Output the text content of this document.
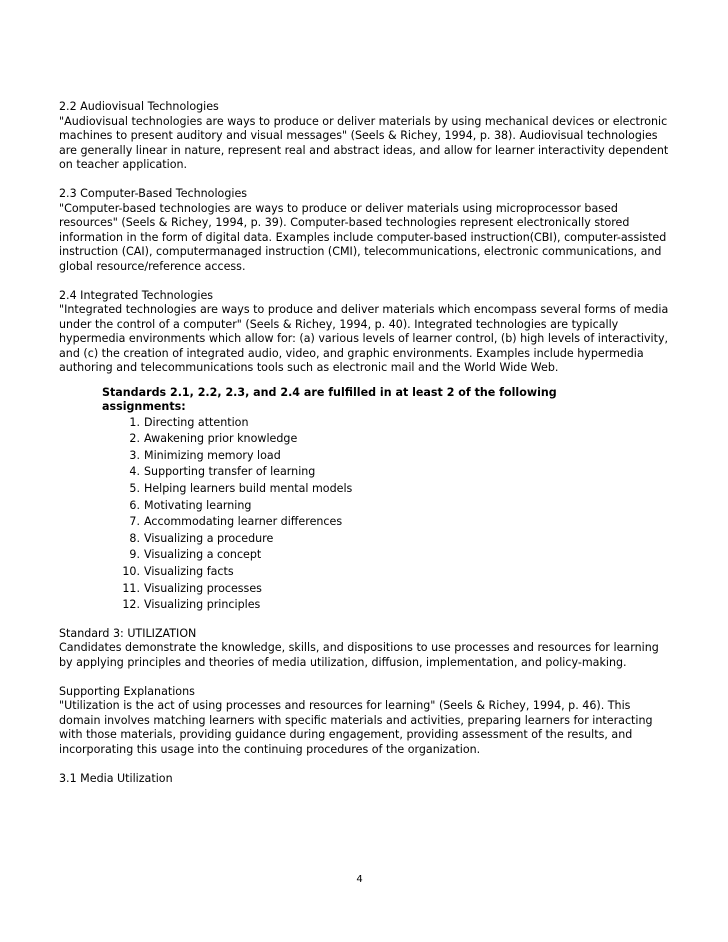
2.2 Audiovisual Technologies

"Audiovisual technologies are ways to produce or deliver materials by using mechanical devices or electronic machines to present auditory and visual messages" (Seels & Richey, 1994, p. 38). Audiovisual technologies are generally linear in nature, represent real and abstract ideas, and allow for learner interactivity dependent on teacher application.

2.3 Computer-Based Technologies

"Computer-based technologies are ways to produce or deliver materials using microprocessor based resources" (Seels & Richey, 1994, p. 39). Computer-based technologies represent electronically stored information in the form of digital data. Examples include computer-based instruction(CBI), computer-assisted instruction (CAI), computermanaged instruction (CMI), telecommunications, electronic communications, and global resource/reference access.

2.4 Integrated Technologies

"Integrated technologies are ways to produce and deliver materials which encompass several forms of media under the control of a computer" (Seels & Richey, 1994, p. 40). Integrated technologies are typically hypermedia environments which allow for: (a) various levels of learner control, (b) high levels of interactivity, and (c) the creation of integrated audio, video, and graphic environments. Examples include hypermedia authoring and telecommunications tools such as electronic mail and the World Wide Web.

Standards 2.1, 2.2, 2.3, and 2.4 are fulfilled in at least 2 of the following assignments:

1. Directing attention
2. Awakening prior knowledge
3. Minimizing memory load
4. Supporting transfer of learning
5. Helping learners build mental models
6. Motivating learning
7. Accommodating learner differences
8. Visualizing a procedure
9. Visualizing a concept
10. Visualizing facts
11. Visualizing processes
12. Visualizing principles

Standard 3: UTILIZATION

Candidates demonstrate the knowledge, skills, and dispositions to use processes and resources for learning by applying principles and theories of media utilization, diffusion, implementation, and policy-making.

Supporting Explanations

"Utilization is the act of using processes and resources for learning" (Seels & Richey, 1994, p. 46). This domain involves matching learners with specific materials and activities, preparing learners for interacting with those materials, providing guidance during engagement, providing assessment of the results, and incorporating this usage into the continuing procedures of the organization.

3.1 Media Utilization

4
